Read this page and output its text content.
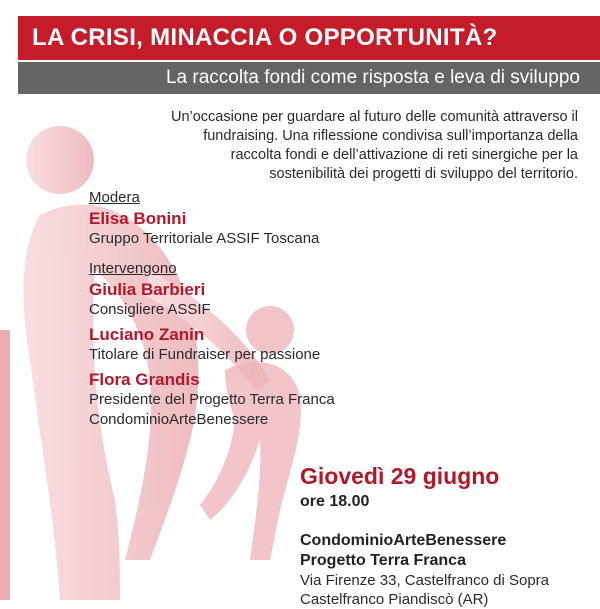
LA CRISI, MINACCIA O OPPORTUNITÀ?
La raccolta fondi come risposta e leva di sviluppo
Un’occasione per guardare al futuro delle comunità attraverso il
fundraising. Una riflessione condivisa sull’importanza della
raccolta fondi e dell’attivazione di reti sinergiche per la
sostenibilità dei progetti di sviluppo del territorio.
Modera
Elisa Bonini
Gruppo Territoriale ASSIF Toscana
Intervengono
Giulia Barbieri
Consigliere ASSIF
Luciano Zanin
Titolare di Fundraiser per passione
Flora Grandis
Presidente del Progetto Terra Franca
CondominioArteBenessere
Giovedì 29 giugno
ore 18.00
CondominioArteBenessere
Progetto Terra Franca
Via Firenze 33, Castelfranco di Sopra
Castelfranco Piandiscò (AR)
